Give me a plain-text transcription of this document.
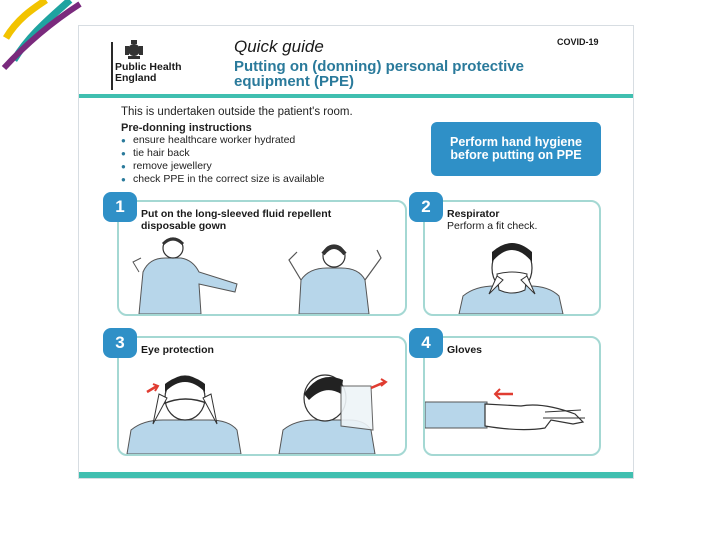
Public Health
England
Quick guide
Putting on (donning) personal protective equipment (PPE)
COVID-19
This is undertaken outside the patient's room.
Pre-donning instructions
● ensure healthcare worker hydrated
● tie hair back
● remove jewellery
● check PPE in the correct size is available
Perform hand hygiene before putting on PPE
1	Put on the long-sleeved fluid repellent disposable gown
2	Respirator
Perform a fit check.
3	Eye protection	4	Gloves
